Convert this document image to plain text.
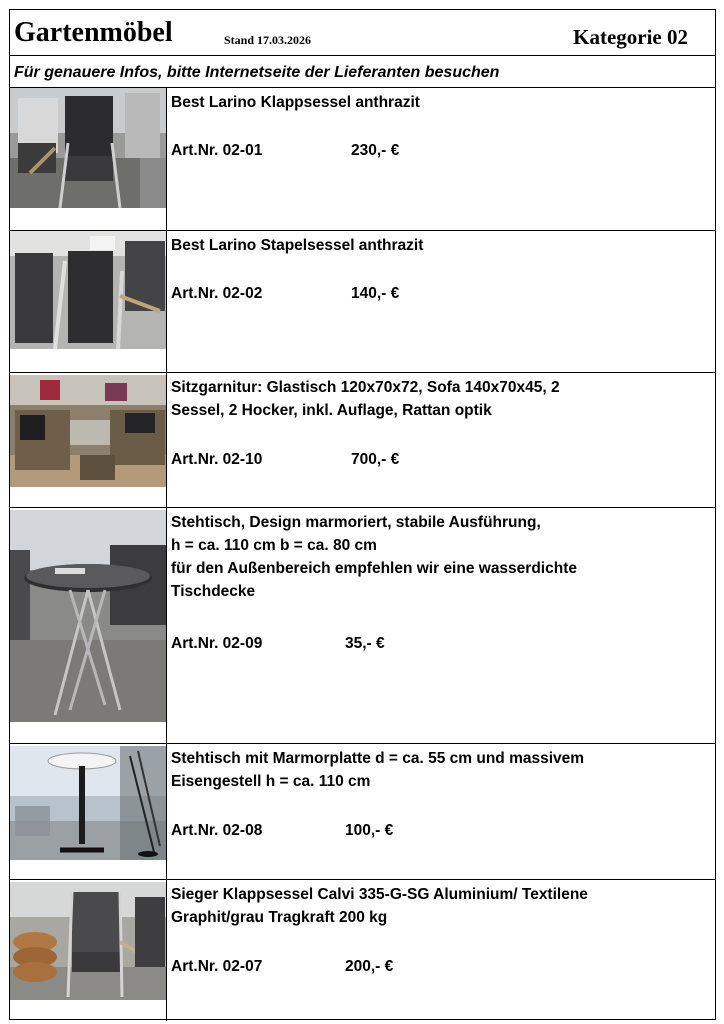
Gartenmöbel	Stand 17.03.2026	Kategorie 02
Für genauere Infos, bitte Internetseite der Lieferanten besuchen
Best Larino Klappsessel anthrazit
Art.Nr. 02-01	230,- €
Best Larino Stapelsessel anthrazit
Art.Nr. 02-02	140,- €
Sitzgarnitur: Glastisch 120x70x72, Sofa 140x70x45, 2
Sessel, 2 Hocker, inkl. Auflage, Rattan optik
Art.Nr. 02-10	700,- €
Stehtisch, Design marmoriert, stabile Ausführung,
h = ca. 110 cm b = ca. 80 cm
für den Außenbereich empfehlen wir eine wasserdichte
Tischdecke
Art.Nr. 02-09	35,- €
Stehtisch mit Marmorplatte d = ca. 55 cm und massivem
Eisengestell h = ca. 110 cm
Art.Nr. 02-08	100,- €
Sieger Klappsessel Calvi 335-G-SG Aluminium/ Textilene
Graphit/grau Tragkraft 200 kg
Art.Nr. 02-07	200,- €
